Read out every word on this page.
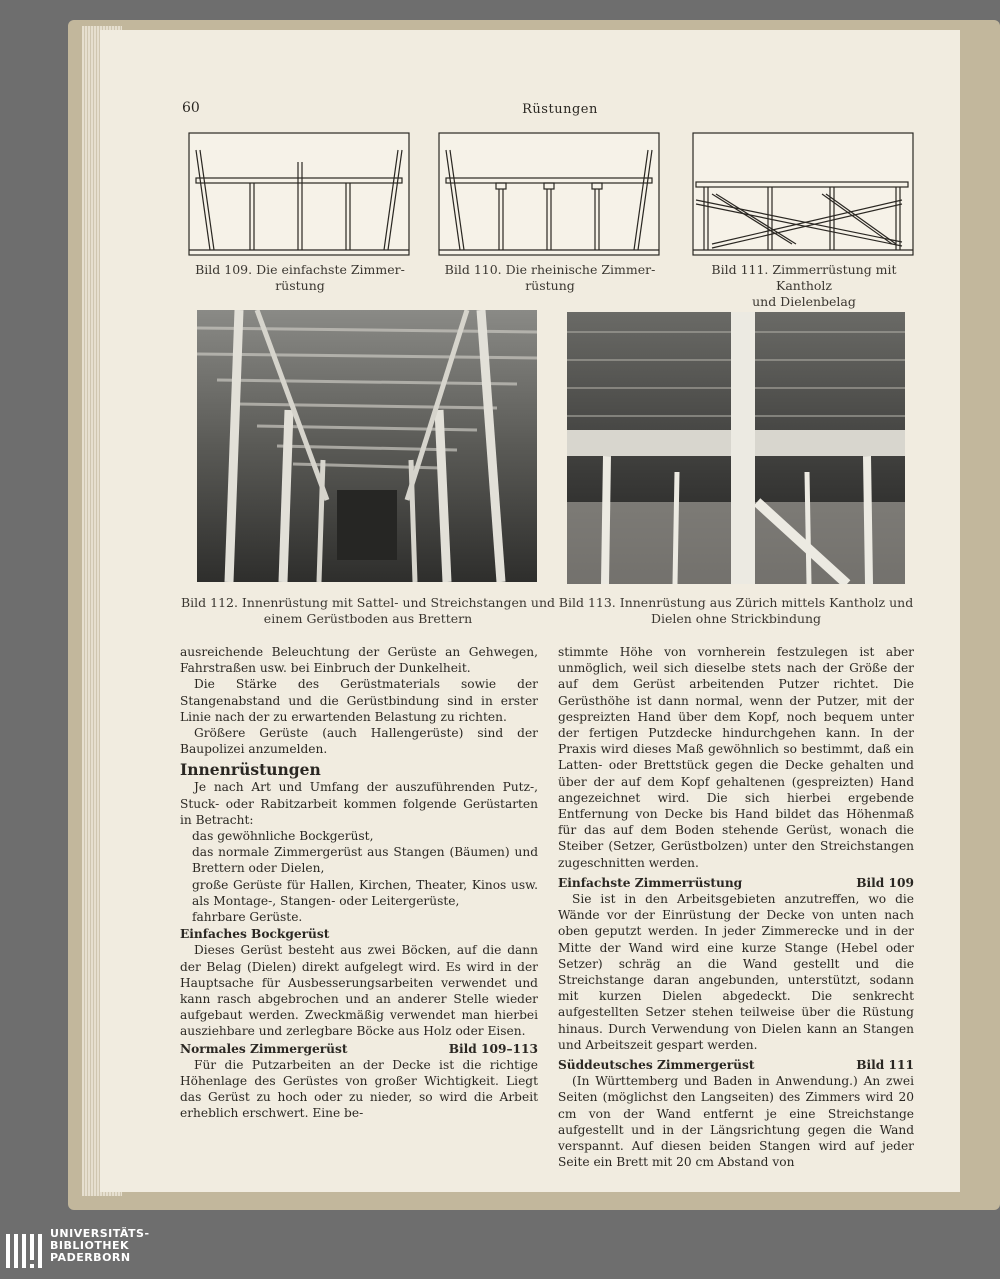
60	Rüstungen
Bild 109. Die einfachste Zimmer-
rüstung
Bild 110. Die rheinische Zimmer-
rüstung
Bild 111. Zimmerrüstung mit Kantholz
und Dielenbelag
Bild 112. Innenrüstung mit Sattel- und Streichstangen und
einem Gerüstboden aus Brettern
Bild 113. Innenrüstung aus Zürich mittels Kantholz und
Dielen ohne Strickbindung

ausreichende Beleuchtung der Gerüste an Gehwegen, Fahrstraßen usw. bei Einbruch der Dunkelheit.

Die Stärke des Gerüstmaterials sowie der Stangenabstand und die Gerüstbindung sind in erster Linie nach der zu erwartenden Belastung zu richten.

Größere Gerüste (auch Hallengerüste) sind der Baupolizei anzumelden.

Innenrüstungen

Je nach Art und Umfang der auszuführenden Putz-, Stuck- oder Rabitzarbeit kommen folgende Gerüstarten in Betracht:

das gewöhnliche Bockgerüst,

das normale Zimmergerüst aus Stangen (Bäumen) und Brettern oder Dielen,

große Gerüste für Hallen, Kirchen, Theater, Kinos usw. als Montage-, Stangen- oder Leitergerüste,

fahrbare Gerüste.

Einfaches Bockgerüst

Dieses Gerüst besteht aus zwei Böcken, auf die dann der Belag (Dielen) direkt aufgelegt wird. Es wird in der Hauptsache für Ausbesserungsarbeiten verwendet und kann rasch abgebrochen und an anderer Stelle wieder aufgebaut werden. Zweckmäßig verwendet man hierbei ausziehbare und zerlegbare Böcke aus Holz oder Eisen.

Normales Zimmergerüst	Bild 109–113

Für die Putzarbeiten an der Decke ist die richtige Höhenlage des Gerüstes von großer Wichtigkeit. Liegt das Gerüst zu hoch oder zu nieder, so wird die Arbeit erheblich erschwert. Eine be-

stimmte Höhe von vornherein festzulegen ist aber unmöglich, weil sich dieselbe stets nach der Größe der auf dem Gerüst arbeitenden Putzer richtet. Die Gerüsthöhe ist dann normal, wenn der Putzer, mit der gespreizten Hand über dem Kopf, noch bequem unter der fertigen Putzdecke hindurchgehen kann. In der Praxis wird dieses Maß gewöhnlich so bestimmt, daß ein Latten- oder Brettstück gegen die Decke gehalten und über der auf dem Kopf gehaltenen (gespreizten) Hand angezeichnet wird. Die sich hierbei ergebende Entfernung von Decke bis Hand bildet das Höhenmaß für das auf dem Boden stehende Gerüst, wonach die Steiber (Setzer, Gerüstbolzen) unter den Streichstangen zugeschnitten werden.

Einfachste Zimmerrüstung	Bild 109

Sie ist in den Arbeitsgebieten anzutreffen, wo die Wände vor der Einrüstung der Decke von unten nach oben geputzt werden. In jeder Zimmerecke und in der Mitte der Wand wird eine kurze Stange (Hebel oder Setzer) schräg an die Wand gestellt und die Streichstange daran angebunden, unterstützt, sodann mit kurzen Dielen abgedeckt. Die senkrecht aufgestellten Setzer stehen teilweise über die Rüstung hinaus. Durch Verwendung von Dielen kann an Stangen und Arbeitszeit gespart werden.

Süddeutsches Zimmergerüst	Bild 111

(In Württemberg und Baden in Anwendung.) An zwei Seiten (möglichst den Langseiten) des Zimmers wird 20 cm von der Wand entfernt je eine Streichstange aufgestellt und in der Längsrichtung gegen die Wand verspannt. Auf diesen beiden Stangen wird auf jeder Seite ein Brett mit 20 cm Abstand von

UNIVERSITÄTS-
BIBLIOTHEK
PADERBORN
